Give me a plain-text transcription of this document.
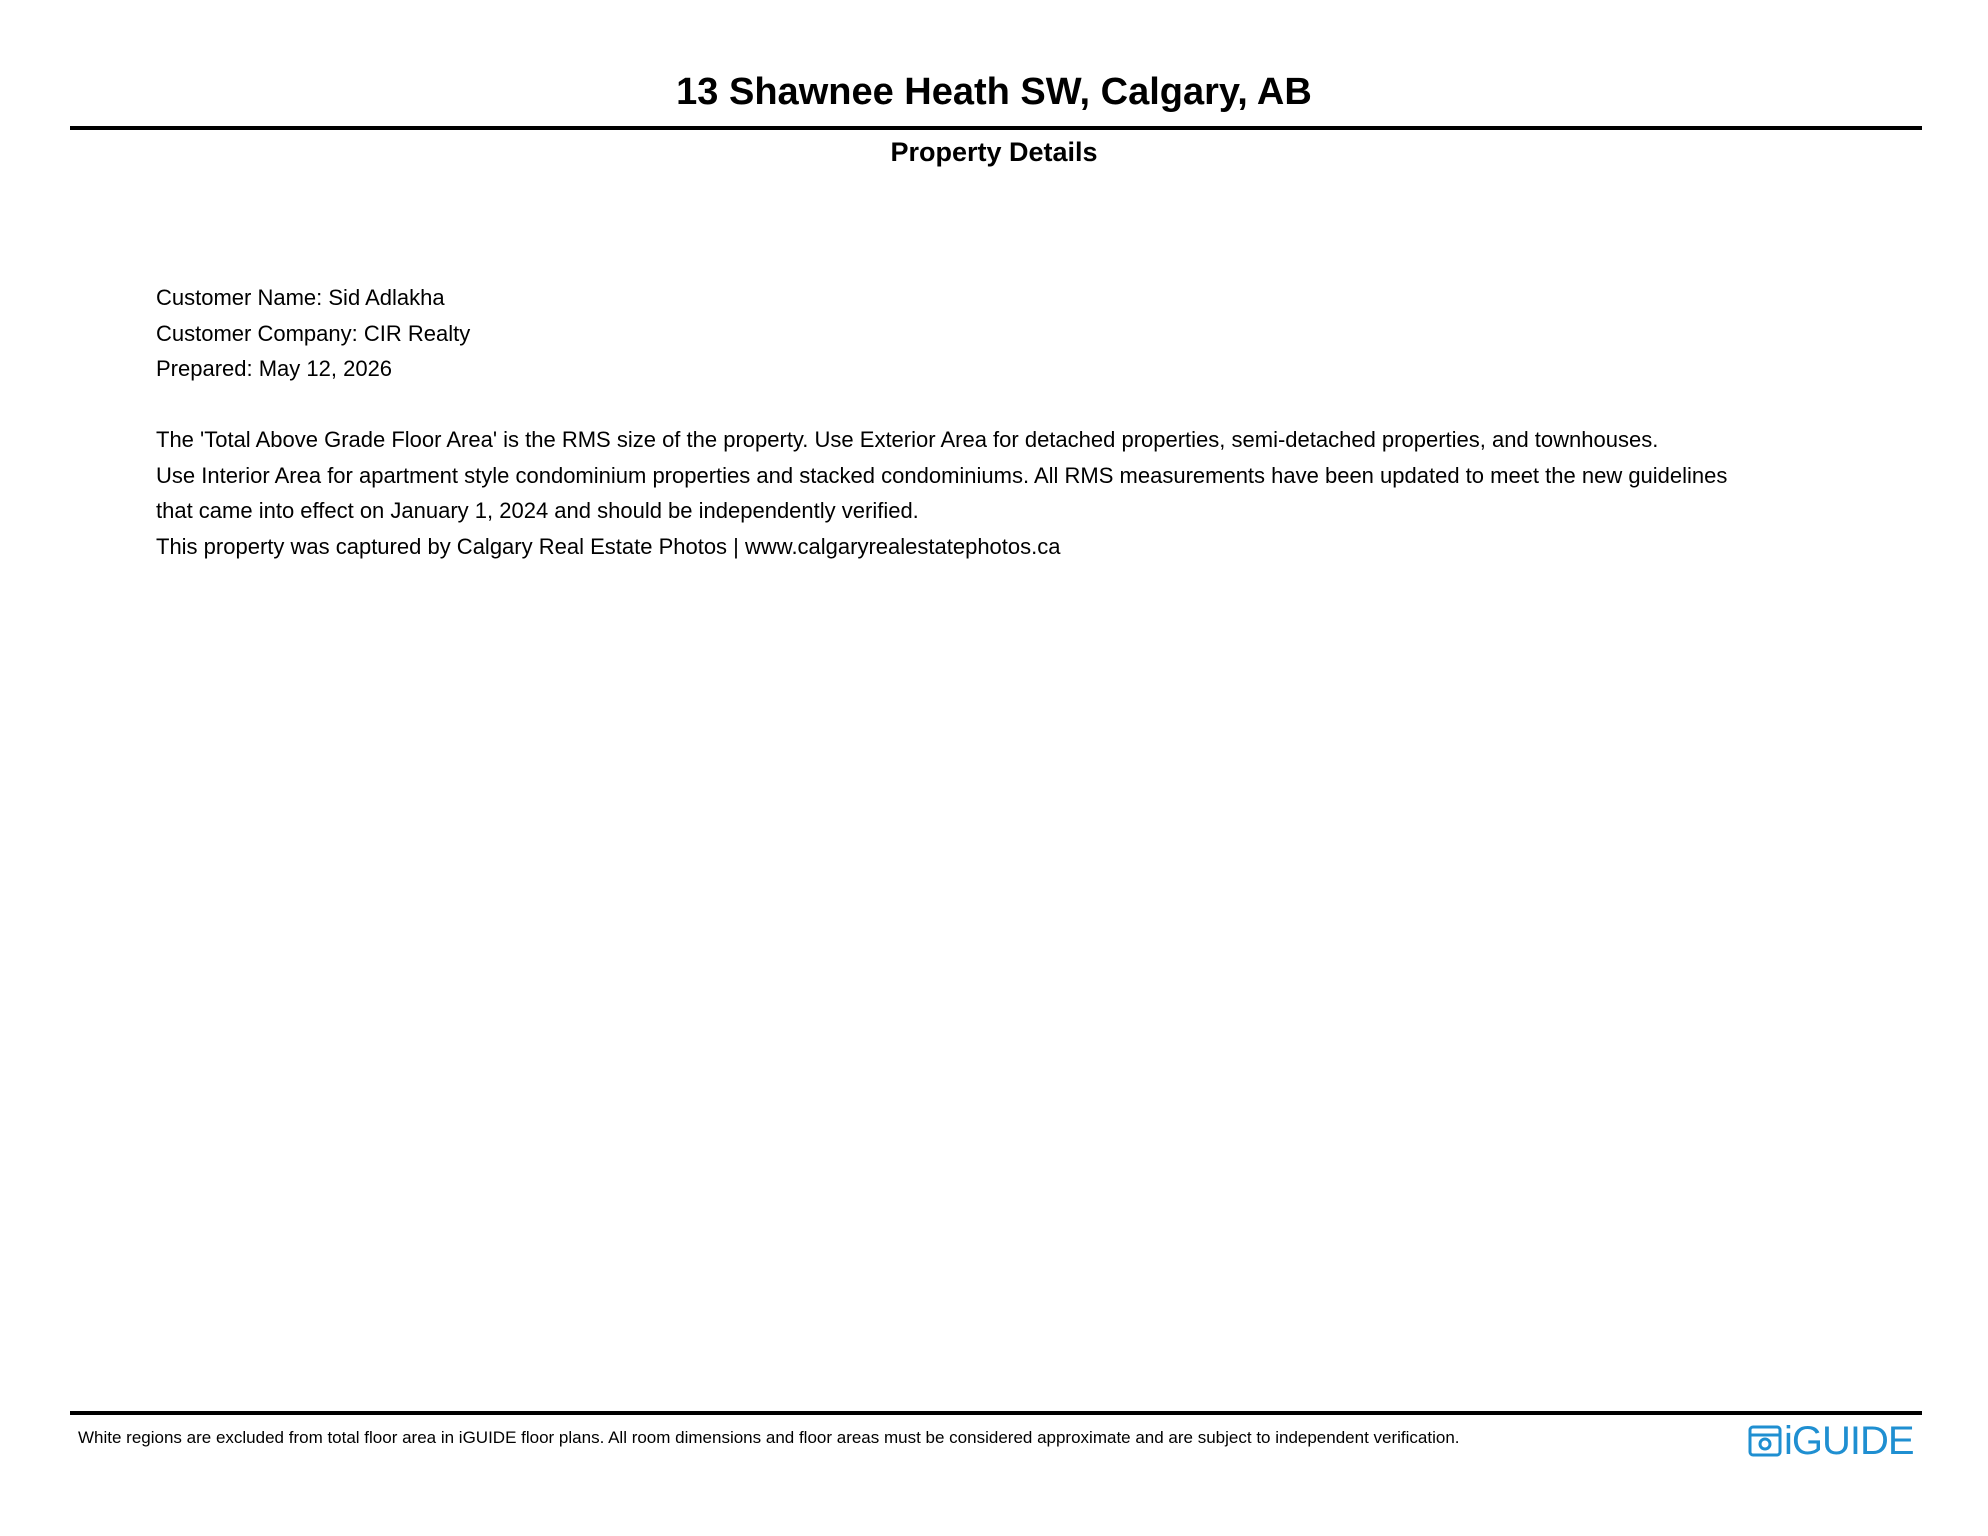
13 Shawnee Heath SW, Calgary, AB
Property Details
Customer Name: Sid Adlakha
Customer Company: CIR Realty
Prepared: May 12, 2026
The 'Total Above Grade Floor Area' is the RMS size of the property. Use Exterior Area for detached properties, semi-detached properties, and townhouses.
Use Interior Area for apartment style condominium properties and stacked condominiums. All RMS measurements have been updated to meet the new guidelines
that came into effect on January 1, 2024 and should be independently verified.
This property was captured by Calgary Real Estate Photos | www.calgaryrealestatephotos.ca
White regions are excluded from total floor area in iGUIDE floor plans. All room dimensions and floor areas must be considered approximate and are subject to independent verification.	iGUIDE
